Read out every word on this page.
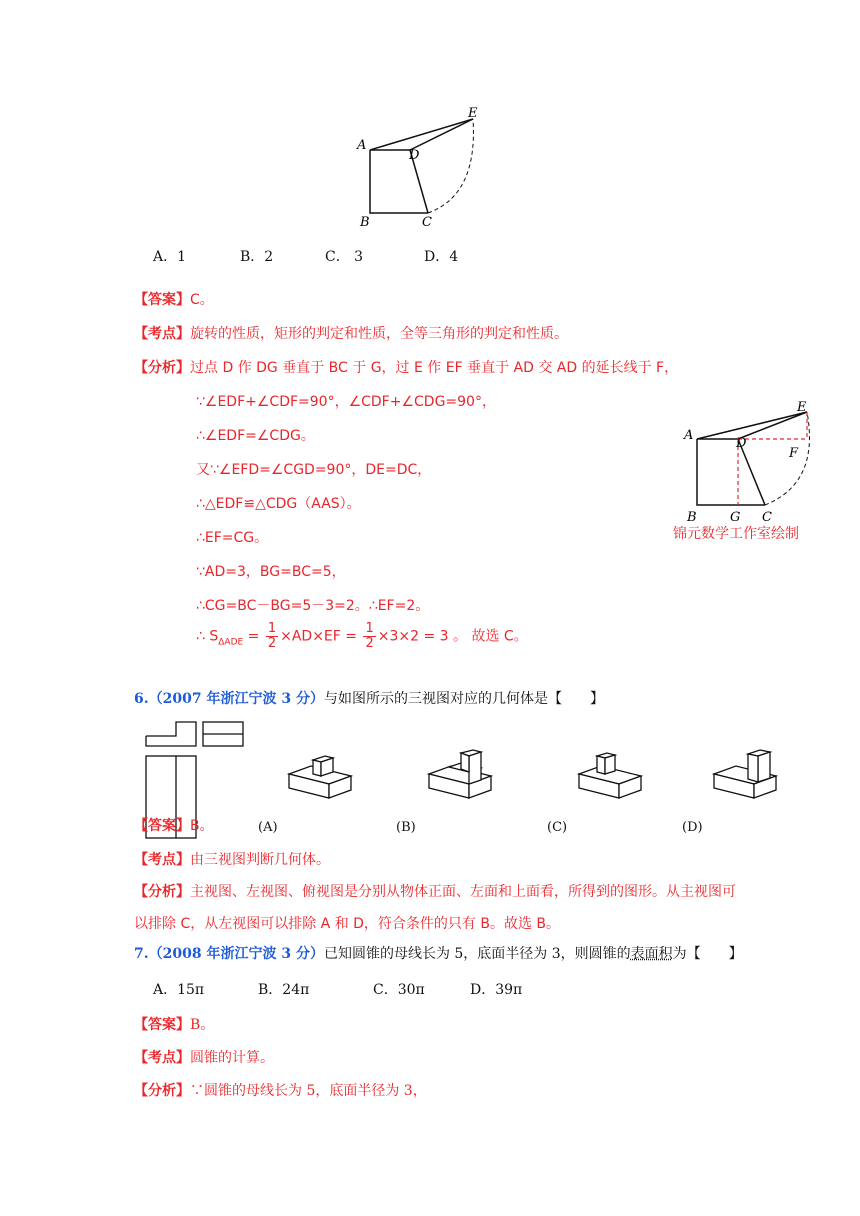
A
B	C
D
E
A．1	B．2	C． 3	D．4
【答案】C。
【考点】旋转的性质，矩形的判定和性质，全等三角形的判定和性质。
【分析】过点 D 作 DG 垂直于 BC 于 G，过 E 作 EF 垂直于 AD 交 AD 的延长线于 F，
∵∠EDF+∠CDF=90°，∠CDF+∠CDG=90°，
∴∠EDF=∠CDG。
又∵∠EFD=∠CGD=90°，DE=DC，
∴△EDF≌△CDG（AAS）。
∴EF=CG。
∵AD=3，BG=BC=5，
∴CG=BC－BG=5－3=2。∴EF=2。
∴ $S_{\Delta ADE} = \frac{1}{2} \times AD\times EF = \frac{1}{2} \times 3\times 2 = 3$ 。 故选 C。
A
B	G C
D
E
F
锦元数学工作室绘制
6.（2007 年浙江宁波 3 分）与如图所示的三视图对应的几何体是【　　】
(A)	(B)	(C)	(D)
【答案】B。
【考点】由三视图判断几何体。
【分析】主视图、左视图、俯视图是分别从物体正面、左面和上面看，所得到的图形。从主视图可
以排除 C，从左视图可以排除 A 和 D，符合条件的只有 B。故选 B。
7.（2008 年浙江宁波 3 分）已知圆锥的母线长为 5，底面半径为 3，则圆锥的表面积为【　　】
A．15π	B．24π	C．30π	D．39π
【答案】B。
【考点】圆锥的计算。
【分析】∵圆锥的母线长为 5，底面半径为 3，
